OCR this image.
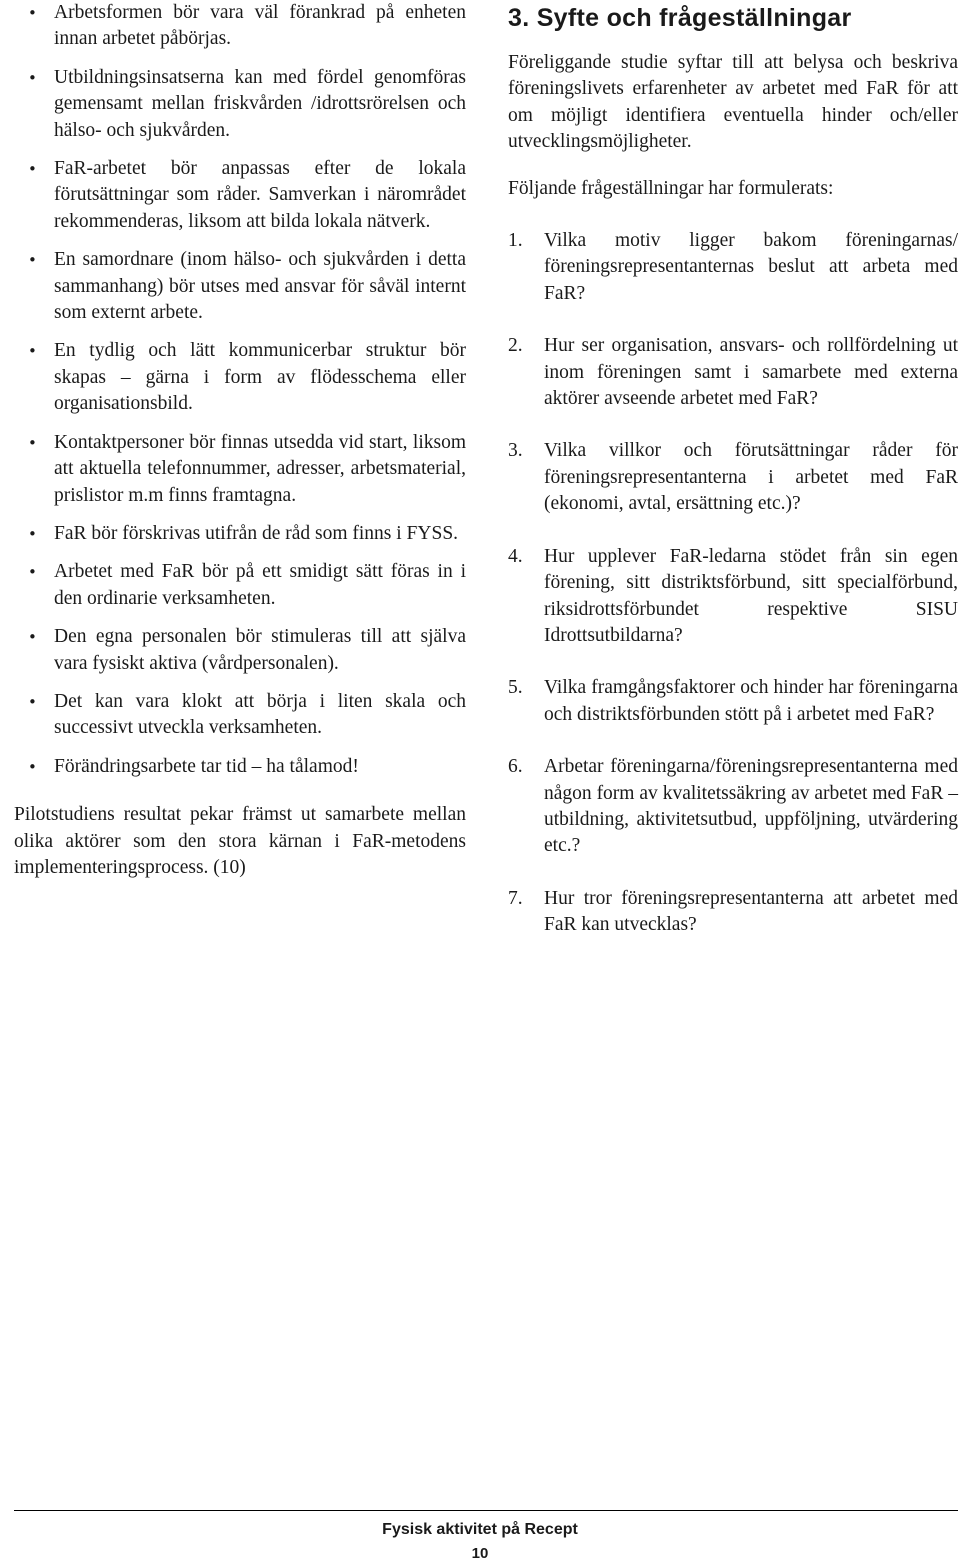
• Arbetsformen bör vara väl förankrad på enheten innan arbetet påbörjas.
• Utbildningsinsatserna kan med fördel genomföras gemensamt mellan friskvården /idrottsrörelsen och hälso- och sjukvården.
• FaR-arbetet bör anpassas efter de lokala förutsättningar som råder. Samverkan i närområdet rekommenderas, liksom att bilda lokala nätverk.
• En samordnare (inom hälso- och sjukvården i detta sammanhang) bör utses med ansvar för såväl internt som externt arbete.
• En tydlig och lätt kommunicerbar struktur bör skapas – gärna i form av flödesschema eller organisationsbild.
• Kontaktpersoner bör finnas utsedda vid start, liksom att aktuella telefonnummer, adresser, arbetsmaterial, prislistor m.m finns framtagna.
• FaR bör förskrivas utifrån de råd som finns i FYSS.
• Arbetet med FaR bör på ett smidigt sätt föras in i den ordinarie verksamheten.
• Den egna personalen bör stimuleras till att själva vara fysiskt aktiva (vårdpersonalen).
• Det kan vara klokt att börja i liten skala och successivt utveckla verksamheten.
• Förändringsarbete tar tid – ha tålamod!

Pilotstudiens resultat pekar främst ut samarbete mellan olika aktörer som den stora kärnan i FaR-metodens implementeringsprocess. (10)

3. Syfte och frågeställningar

Föreliggande studie syftar till att belysa och beskriva föreningslivets erfarenheter av arbetet med FaR för att om möjligt identifiera eventuella hinder och/eller utvecklingsmöjligheter.

Följande frågeställningar har formulerats:

1. Vilka motiv ligger bakom föreningarnas/ föreningsrepresentanternas beslut att arbeta med FaR?
2. Hur ser organisation, ansvars- och rollfördelning ut inom föreningen samt i samarbete med externa aktörer avseende arbetet med FaR?
3. Vilka villkor och förutsättningar råder för föreningsrepresentanterna i arbetet med FaR (ekonomi, avtal, ersättning etc.)?
4. Hur upplever FaR-ledarna stödet från sin egen förening, sitt distriktsförbund, sitt specialförbund, riksidrottsförbundet respektive SISU Idrottsutbildarna?
5. Vilka framgångsfaktorer och hinder har föreningarna och distriktsförbunden stött på i arbetet med FaR?
6. Arbetar föreningarna/föreningsrepresentanterna med någon form av kvalitetssäkring av arbetet med FaR – utbildning, aktivitetsutbud, uppföljning, utvärdering etc.?
7. Hur tror föreningsrepresentanterna att arbetet med FaR kan utvecklas?
Fysisk aktivitet på Recept
10
